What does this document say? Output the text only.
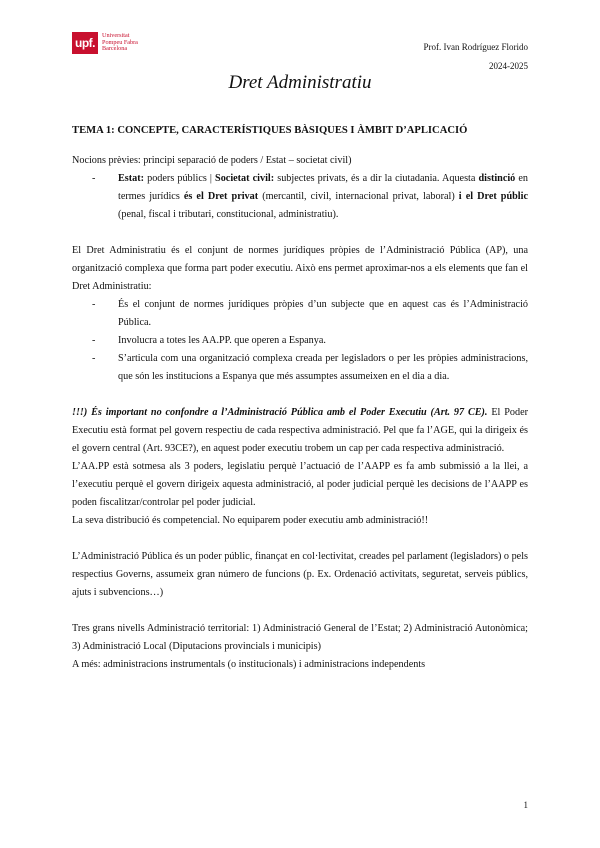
upf.
Universitat
Pompeu Fabra
Barcelona	Prof. Ivan Rodríguez Florido
2024-2025
Dret Administratiu

TEMA 1: CONCEPTE, CARACTERÍSTIQUES BÀSIQUES I ÀMBIT D’APLICACIÓ

Nocions prèvies: principi separació de poders / Estat – societat civil)

- Estat: poders públics | Societat civil: subjectes privats, és a dir la ciutadania. Aquesta distinció en termes jurídics és el Dret privat (mercantil, civil, internacional privat, laboral) i el Dret públic (penal, fiscal i tributari, constitucional, administratiu).

El Dret Administratiu és el conjunt de normes jurídiques pròpies de l’Administració Pública (AP), una organització complexa que forma part poder executiu. Això ens permet aproximar-nos a els elements que fan el Dret Administratiu:

- És el conjunt de normes jurídiques pròpies d’un subjecte que en aquest cas és l’Administració Pública.
- Involucra a totes les AA.PP. que operen a Espanya.
- S’articula com una organització complexa creada per legisladors o per les pròpies administracions, que són les institucions a Espanya que més assumptes assumeixen en el dia a dia.

!!!) És important no confondre a l’Administració Pública amb el Poder Executiu (Art. 97 CE). El Poder Executiu està format pel govern respectiu de cada respectiva administració. Pel que fa l’AGE, qui la dirigeix és el govern central (Art. 93CE?), en aquest poder executiu trobem un cap per cada respectiva administració.

L’AA.PP està sotmesa als 3 poders, legislatiu perquè l’actuació de l’AAPP es fa amb submissió a la llei, a l’executiu perquè el govern dirigeix aquesta administració, al poder judicial perquè les decisions de l’AAPP es poden fiscalitzar/controlar pel poder judicial.

La seva distribució és competencial. No equiparem poder executiu amb administració!!

L’Administració Pública és un poder públic, finançat en col·lectivitat, creades pel parlament (legisladors) o pels respectius Governs, assumeix gran número de funcions (p. Ex. Ordenació activitats, seguretat, serveis públics, ajuts i subvencions…)

Tres grans nivells Administració territorial: 1) Administració General de l’Estat; 2) Administració Autonòmica; 3) Administració Local (Diputacions provincials i municipis)

A més: administracions instrumentals (o institucionals) i administracions independents

1
